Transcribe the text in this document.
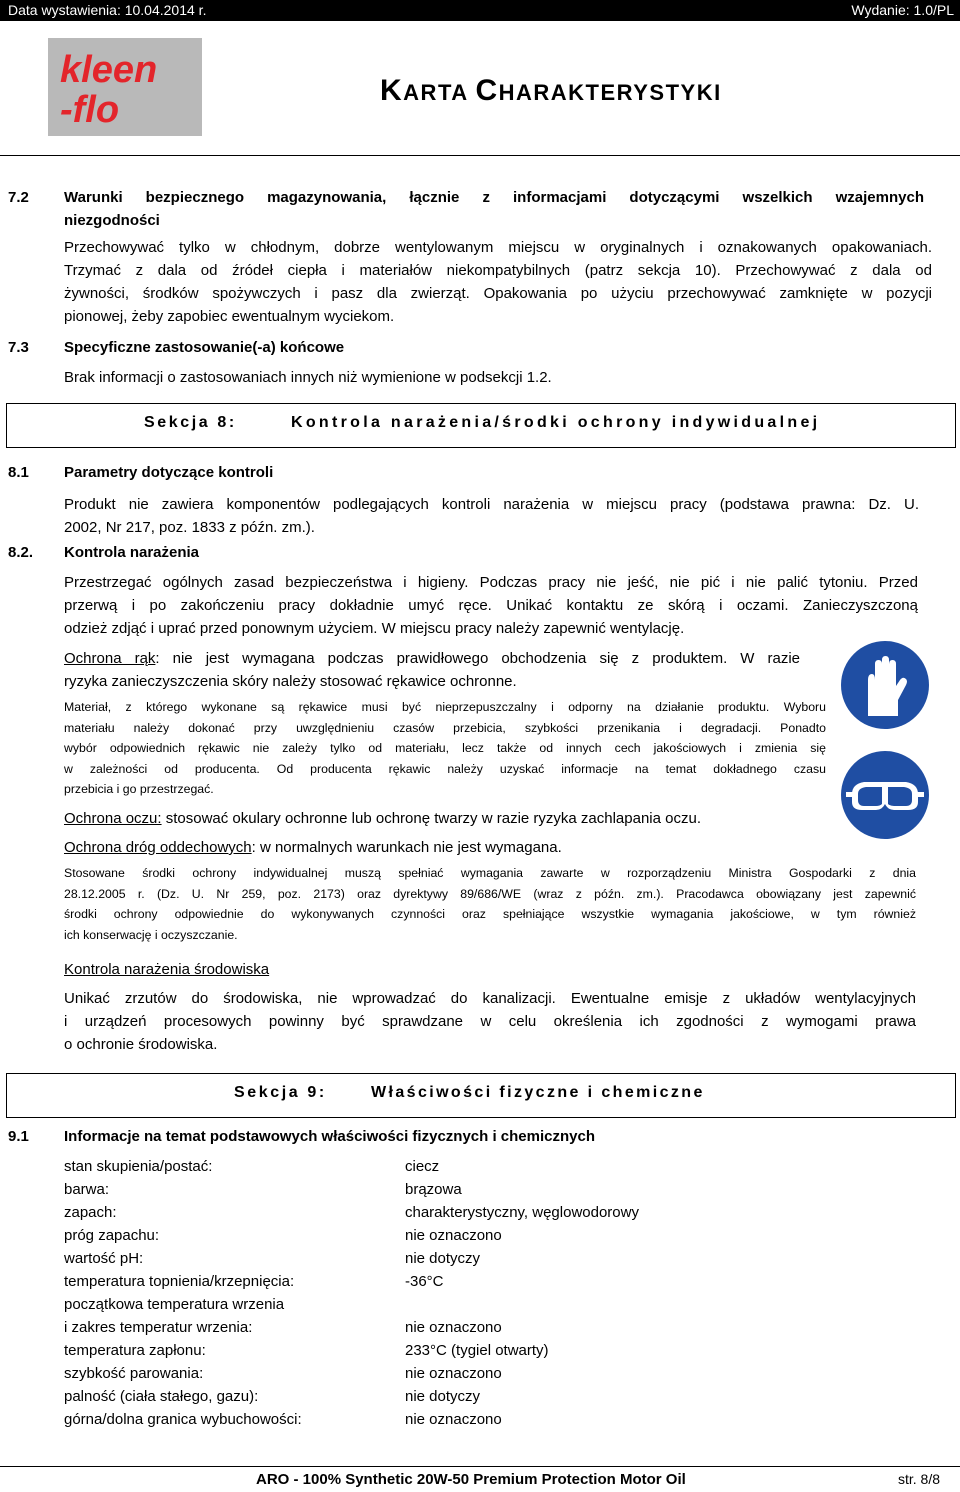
Data wystawienia: 10.04.2014 r.	Wydanie: 1.0/PL
kleen
-flo	KARTA CHARAKTERYSTYKI
7.2 Warunki bezpiecznego magazynowania, łącznie z informacjami dotyczącymi wszelkich wzajemnych
niezgodności
Przechowywać tylko w chłodnym, dobrze wentylowanym miejscu w oryginalnych i oznakowanych opakowaniach.
Trzymać z dala od źródeł ciepła i materiałów niekompatybilnych (patrz sekcja 10). Przechowywać z dala od
żywności, środków spożywczych i pasz dla zwierząt. Opakowania po użyciu przechowywać zamknięte w pozycji
pionowej, żeby zapobiec ewentualnym wyciekom.
7.3 Specyficzne zastosowanie(-a) końcowe
Brak informacji o zastosowaniach innych niż wymienione w podsekcji 1.2.
Sekcja 8:	Kontrola narażenia/środki ochrony indywidualnej
8.1 Parametry dotyczące kontroli
Produkt nie zawiera komponentów podlegających kontroli narażenia w miejscu pracy (podstawa prawna: Dz. U.
2002, Nr 217, poz. 1833 z późn. zm.).
8.2. Kontrola narażenia
Przestrzegać ogólnych zasad bezpieczeństwa i higieny. Podczas pracy nie jeść, nie pić i nie palić tytoniu. Przed
przerwą i po zakończeniu pracy dokładnie umyć ręce. Unikać kontaktu ze skórą i oczami. Zanieczyszczoną
odzież zdjąć i uprać przed ponownym użyciem. W miejscu pracy należy zapewnić wentylację.
Ochrona rąk: nie jest wymagana podczas prawidłowego obchodzenia się z produktem. W razie
ryzyka zanieczyszczenia skóry należy stosować rękawice ochronne.
Materiał, z którego wykonane są rękawice musi być nieprzepuszczalny i odporny na działanie produktu. Wyboru
materiału należy dokonać przy uwzględnieniu czasów przebicia, szybkości przenikania i degradacji. Ponadto
wybór odpowiednich rękawic nie zależy tylko od materiału, lecz także od innych cech jakościowych i zmienia się
w zależności od producenta. Od producenta rękawic należy uzyskać informacje na temat dokładnego czasu
przebicia i go przestrzegać.
Ochrona oczu: stosować okulary ochronne lub ochronę twarzy w razie ryzyka zachlapania oczu.
Ochrona dróg oddechowych: w normalnych warunkach nie jest wymagana.
Stosowane środki ochrony indywidualnej muszą spełniać wymagania zawarte w rozporządzeniu Ministra Gospodarki z dnia
28.12.2005 r. (Dz. U. Nr 259, poz. 2173) oraz dyrektywy 89/686/WE (wraz z późn. zm.). Pracodawca obowiązany jest zapewnić
środki ochrony odpowiednie do wykonywanych czynności oraz spełniające wszystkie wymagania jakościowe, w tym również
ich konserwację i oczyszczanie.
Kontrola narażenia środowiska
Unikać zrzutów do środowiska, nie wprowadzać do kanalizacji. Ewentualne emisje z układów wentylacyjnych
i urządzeń procesowych powinny być sprawdzane w celu określenia ich zgodności z wymogami prawa
o ochronie środowiska.
Sekcja 9:	Właściwości fizyczne i chemiczne
9.1 Informacje na temat podstawowych właściwości fizycznych i chemicznych
stan skupienia/postać:	ciecz
barwa:	brązowa
zapach:	charakterystyczny, węglowodorowy
próg zapachu:	nie oznaczono
wartość pH:	nie dotyczy
temperatura topnienia/krzepnięcia:	-36°C
początkowa temperatura wrzenia
i zakres temperatur wrzenia:	nie oznaczono
temperatura zapłonu:	233°C (tygiel otwarty)
szybkość parowania:	nie oznaczono
palność (ciała stałego, gazu):	nie dotyczy
górna/dolna granica wybuchowości:	nie oznaczono
ARO - 100% Synthetic 20W-50 Premium Protection Motor Oil	str. 8/8
